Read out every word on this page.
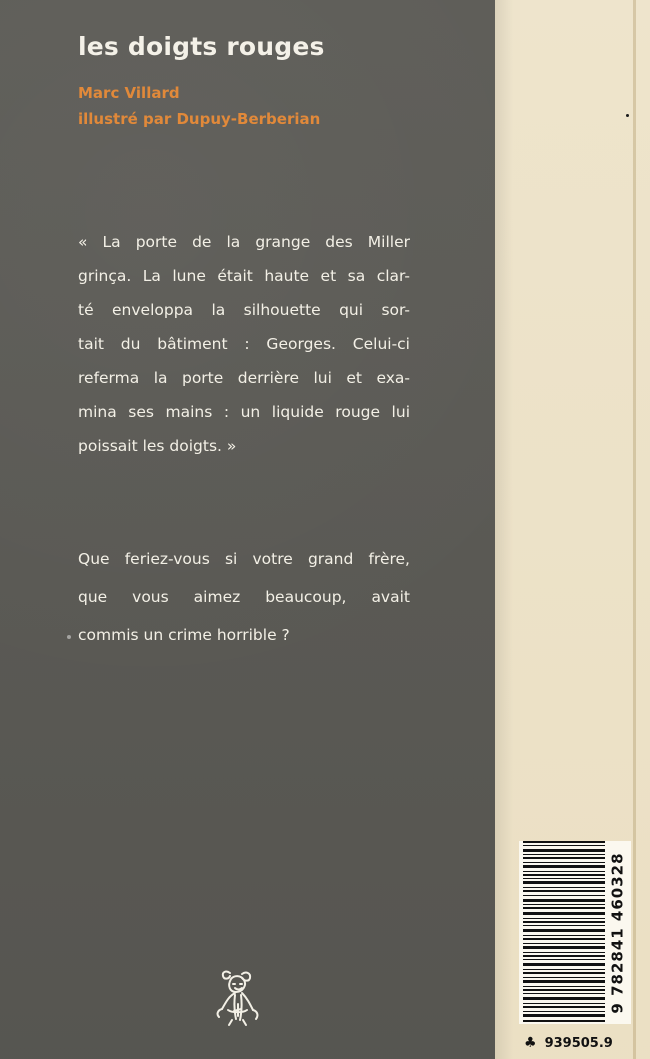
les doigts rouges
Marc Villard
illustré par Dupuy-Berberian
« La porte de la grange des Miller
grinça. La lune était haute et sa clar-
té enveloppa la silhouette qui sor-
tait du bâtiment : Georges. Celui-ci
referma la porte derrière lui et exa-
mina ses mains : un liquide rouge lui
poissait les doigts. »
Que feriez-vous si votre grand frère,
que vous aimez beaucoup, avait
commis un crime horrible ?
9 782841 460328
♣ 939505.9
